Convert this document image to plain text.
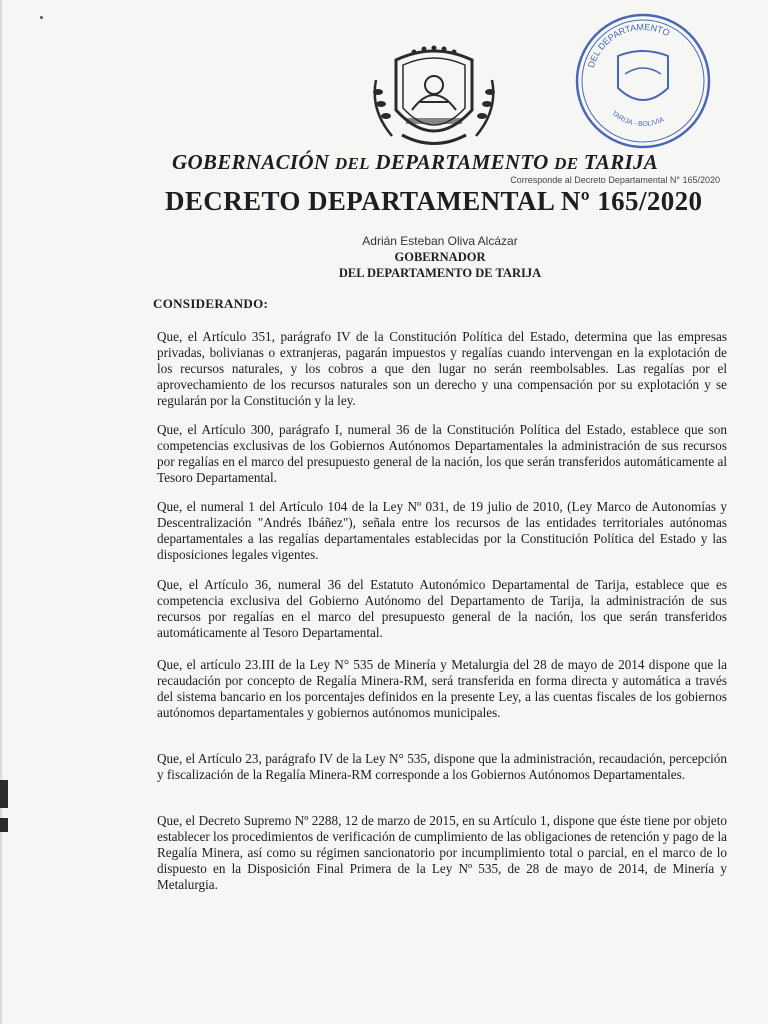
DEL DEPARTAMENTO
TARIJA - BOLIVIA
GOBERNACIÓN DEL DEPARTAMENTO DE TARIJA
Corresponde al Decreto Departamental N° 165/2020
DECRETO DEPARTAMENTAL Nº 165/2020
Adrián Esteban Oliva Alcázar
GOBERNADOR
DEL DEPARTAMENTO DE TARIJA
CONSIDERANDO:

Que, el Artículo 351, parágrafo IV de la Constitución Política del Estado, determina que las empresas privadas, bolivianas o extranjeras, pagarán impuestos y regalías cuando intervengan en la explotación de los recursos naturales, y los cobros a que den lugar no serán reembolsables. Las regalías por el aprovechamiento de los recursos naturales son un derecho y una compensación por su explotación y se regularán por la Constitución y la ley.

Que, el Artículo 300, parágrafo I, numeral 36 de la Constitución Política del Estado, establece que son competencias exclusivas de los Gobiernos Autónomos Departamentales la administración de sus recursos por regalías en el marco del presupuesto general de la nación, los que serán transferidos automáticamente al Tesoro Departamental.

Que, el numeral 1 del Artículo 104 de la Ley Nº 031, de 19 julio de 2010, (Ley Marco de Autonomías y Descentralización "Andrés Ibáñez"), señala entre los recursos de las entidades territoriales autónomas departamentales a las regalías departamentales establecidas por la Constitución Política del Estado y las disposiciones legales vigentes.

Que, el Artículo 36, numeral 36 del Estatuto Autonómico Departamental de Tarija, establece que es competencia exclusiva del Gobierno Autónomo del Departamento de Tarija, la administración de sus recursos por regalías en el marco del presupuesto general de la nación, los que serán transferidos automáticamente al Tesoro Departamental.

Que, el artículo 23.III de la Ley N° 535 de Minería y Metalurgia del 28 de mayo de 2014 dispone que la recaudación por concepto de Regalía Minera-RM, será transferida en forma directa y automática a través del sistema bancario en los porcentajes definidos en la presente Ley, a las cuentas fiscales de los gobiernos autónomos departamentales y gobiernos autónomos municipales.

Que, el Artículo 23, parágrafo IV de la Ley N° 535, dispone que la administración, recaudación, percepción y fiscalización de la Regalía Minera-RM corresponde a los Gobiernos Autónomos Departamentales.

Que, el Decreto Supremo Nº 2288, 12 de marzo de 2015, en su Artículo 1, dispone que éste tiene por objeto establecer los procedimientos de verificación de cumplimiento de las obligaciones de retención y pago de la Regalía Minera, así como su régimen sancionatorio por incumplimiento total o parcial, en el marco de lo dispuesto en la Disposición Final Primera de la Ley Nº 535, de 28 de mayo de 2014, de Minería y Metalurgia.
